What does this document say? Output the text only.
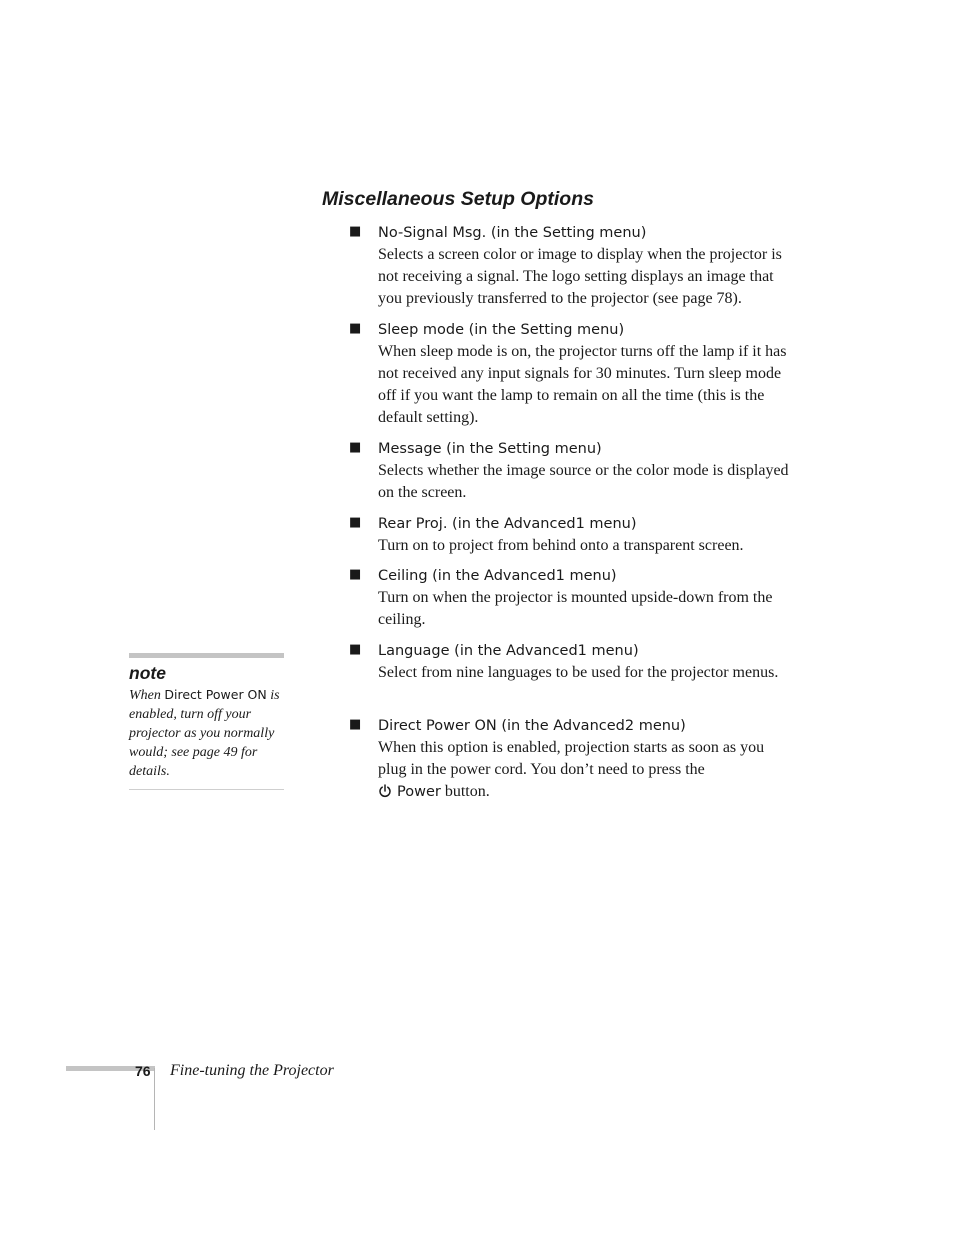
Miscellaneous Setup Options
■ No-Signal Msg. (in the Setting menu)
Selects a screen color or image to display when the projector is not receiving a signal. The logo setting displays an image that you previously transferred to the projector (see page 78).
■ Sleep mode (in the Setting menu)
When sleep mode is on, the projector turns off the lamp if it has not received any input signals for 30 minutes. Turn sleep mode off if you want the lamp to remain on all the time (this is the default setting).
■ Message (in the Setting menu)
Selects whether the image source or the color mode is displayed on the screen.
■ Rear Proj. (in the Advanced1 menu)
Turn on to project from behind onto a transparent screen.
■ Ceiling (in the Advanced1 menu)
Turn on when the projector is mounted upside-down from the ceiling.
■ Language (in the Advanced1 menu)
Select from nine languages to be used for the projector menus.
■ Direct Power ON (in the Advanced2 menu)
When this option is enabled, projection starts as soon as you plug in the power cord. You don’t need to press the
Power button.
note
When Direct Power ON is enabled, turn off your projector as you normally would; see page 49 for details.
76 Fine-tuning the Projector
